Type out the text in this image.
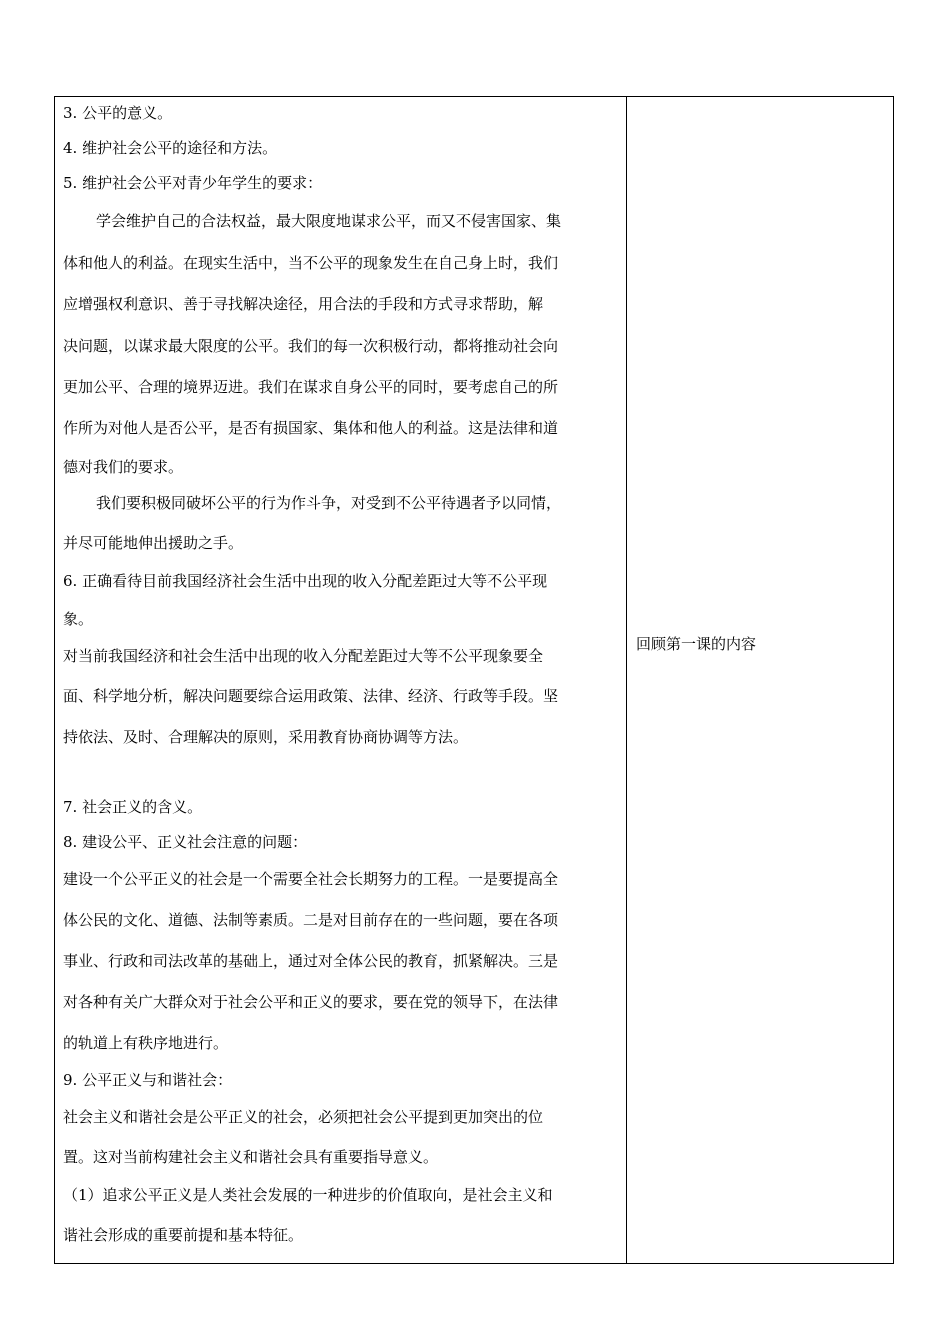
3. 公平的意义。
4. 维护社会公平的途径和方法。
5. 维护社会公平对青少年学生的要求：
学会维护自己的合法权益，最大限度地谋求公平，而又不侵害国家、集
体和他人的利益。在现实生活中，当不公平的现象发生在自己身上时，我们
应增强权利意识、善于寻找解决途径，用合法的手段和方式寻求帮助，解
决问题，以谋求最大限度的公平。我们的每一次积极行动，都将推动社会向
更加公平、合理的境界迈进。我们在谋求自身公平的同时，要考虑自己的所
作所为对他人是否公平，是否有损国家、集体和他人的利益。这是法律和道
德对我们的要求。
我们要积极同破坏公平的行为作斗争，对受到不公平待遇者予以同情，
并尽可能地伸出援助之手。
6. 正确看待目前我国经济社会生活中出现的收入分配差距过大等不公平现
象。
对当前我国经济和社会生活中出现的收入分配差距过大等不公平现象要全
面、科学地分析，解决问题要综合运用政策、法律、经济、行政等手段。坚
持依法、及时、合理解决的原则，采用教育协商协调等方法。
7. 社会正义的含义。
8. 建设公平、正义社会注意的问题：
建设一个公平正义的社会是一个需要全社会长期努力的工程。一是要提高全
体公民的文化、道德、法制等素质。二是对目前存在的一些问题，要在各项
事业、行政和司法改革的基础上，通过对全体公民的教育，抓紧解决。三是
对各种有关广大群众对于社会公平和正义的要求，要在党的领导下，在法律
的轨道上有秩序地进行。
9. 公平正义与和谐社会：
社会主义和谐社会是公平正义的社会，必须把社会公平提到更加突出的位
置。这对当前构建社会主义和谐社会具有重要指导意义。
（1）追求公平正义是人类社会发展的一种进步的价值取向，是社会主义和
谐社会形成的重要前提和基本特征。
回顾第一课的内容
